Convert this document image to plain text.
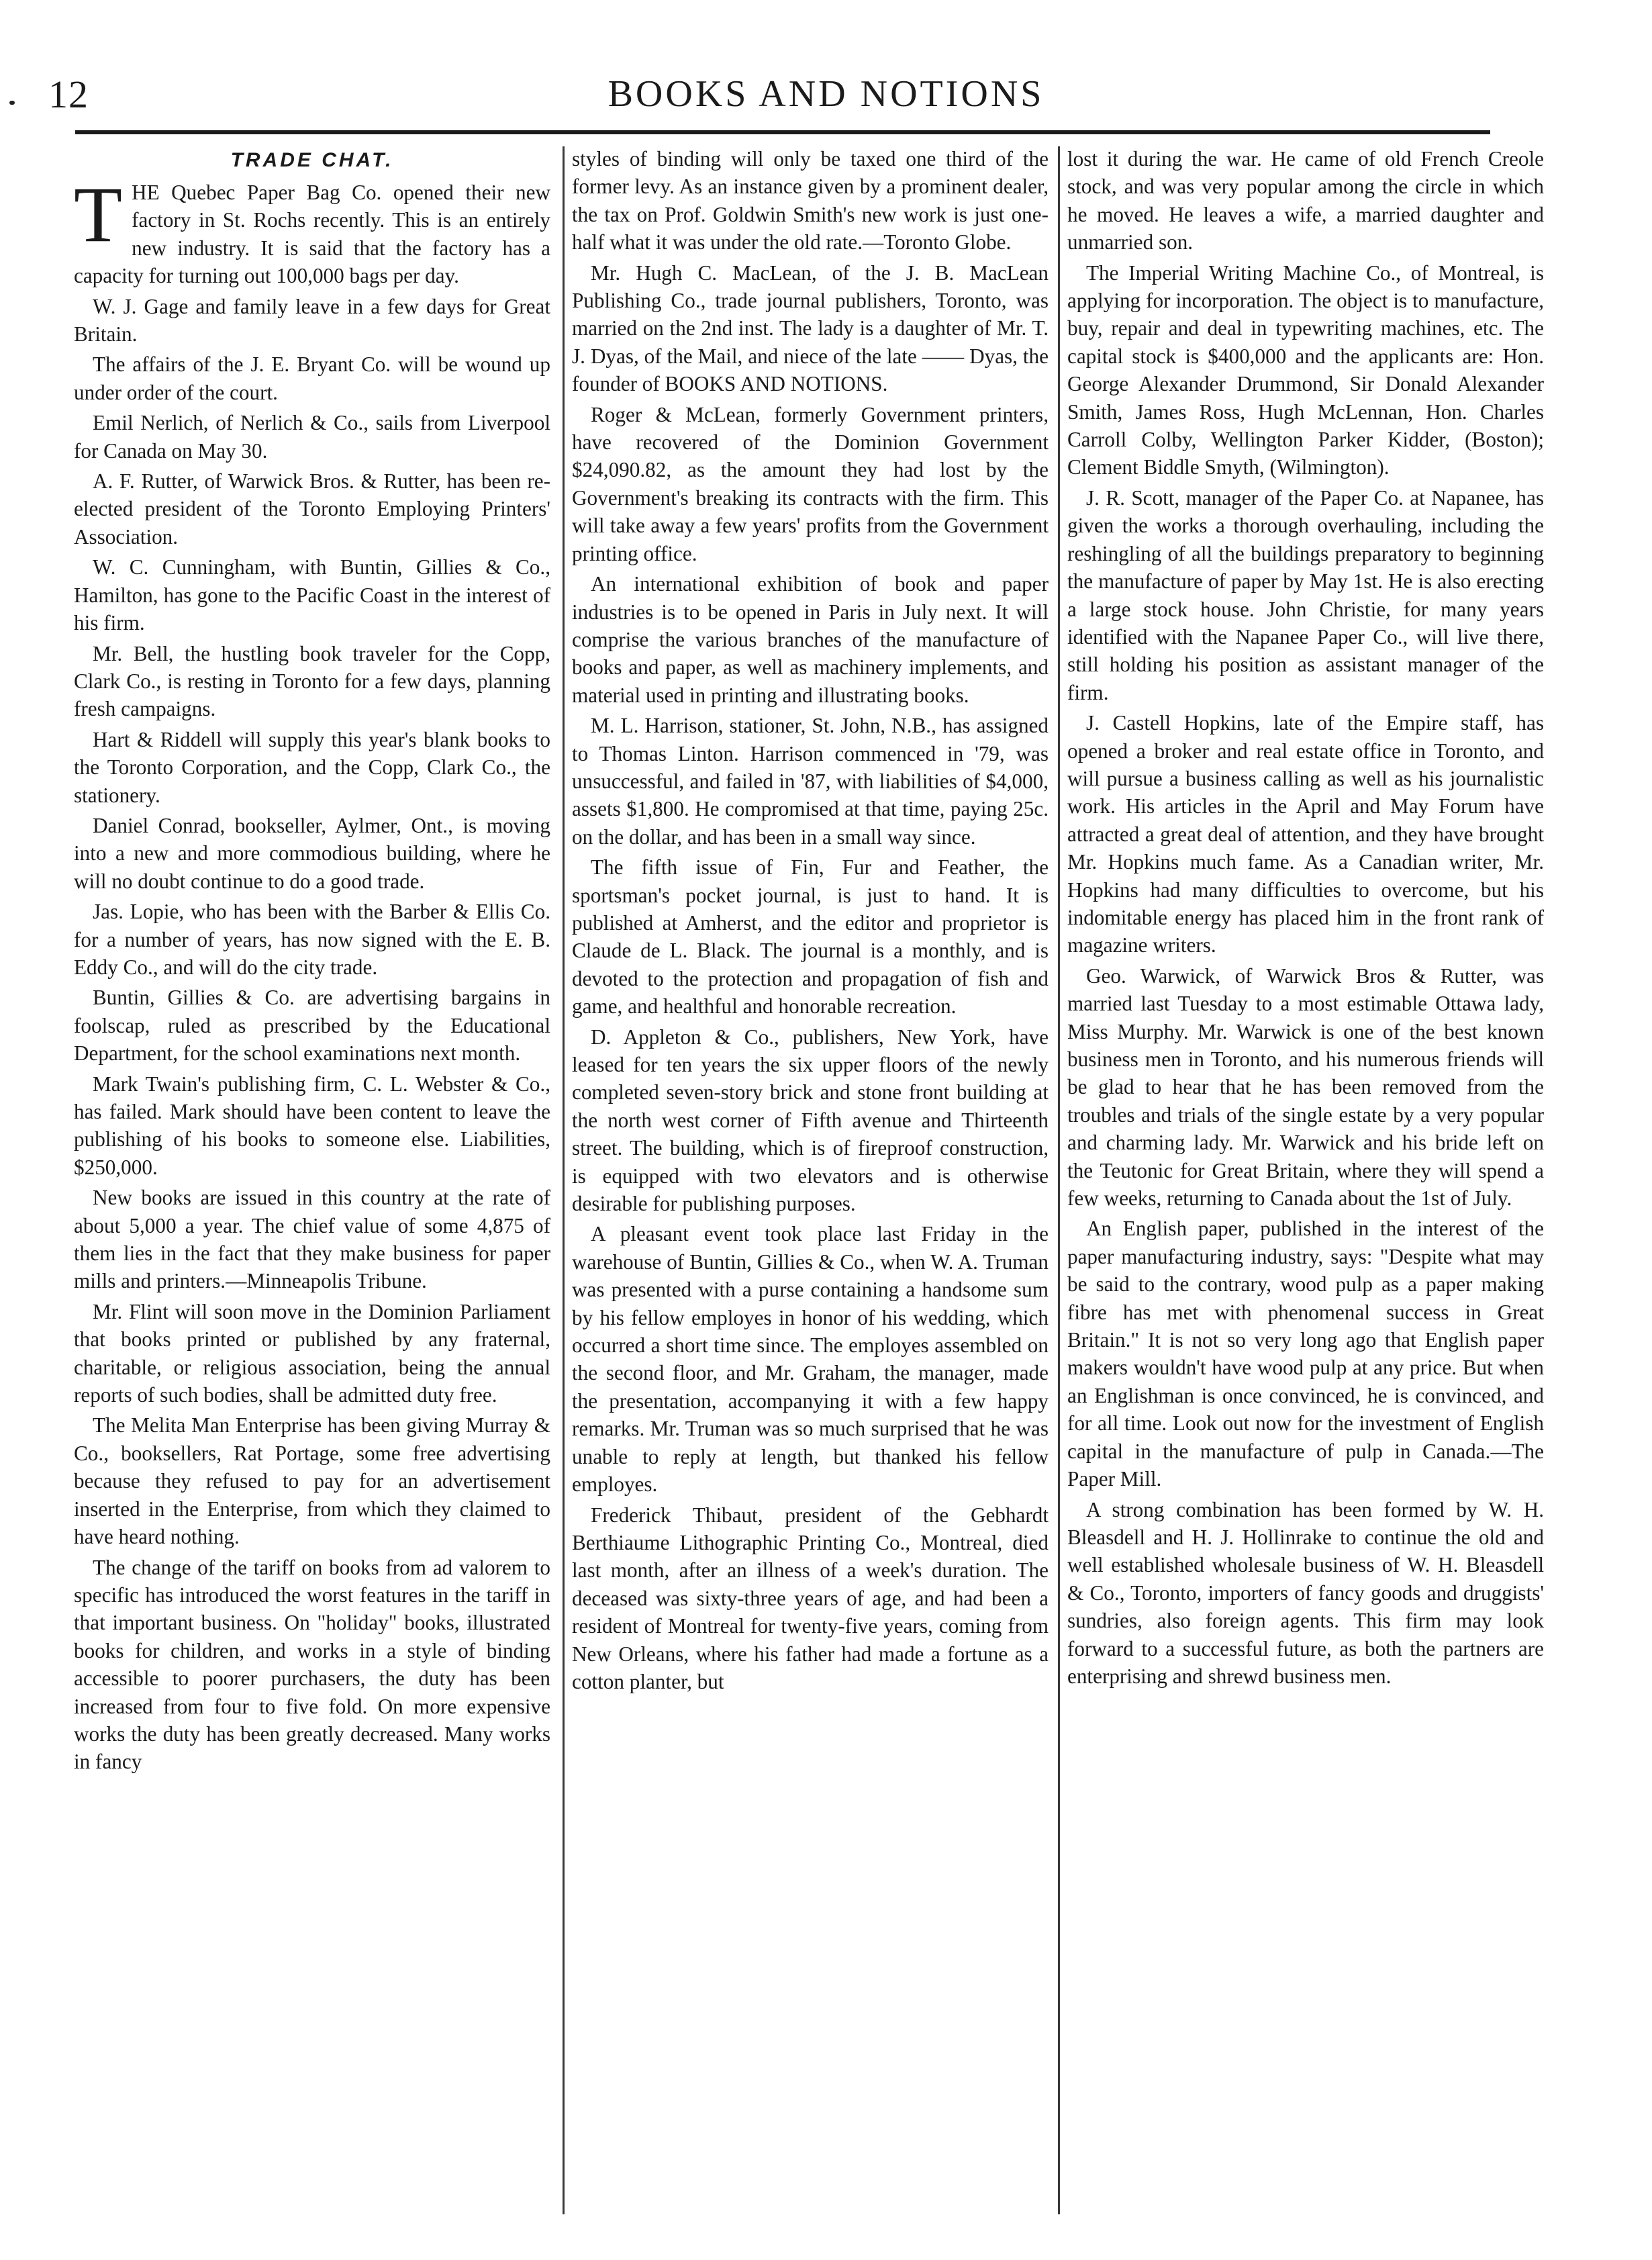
12	BOOKS AND NOTIONS
TRADE CHAT.

THE Quebec Paper Bag Co. opened their new factory in St. Rochs recently. This is an entirely new industry. It is said that the factory has a capacity for turning out 100,000 bags per day.

W. J. Gage and family leave in a few days for Great Britain.

The affairs of the J. E. Bryant Co. will be wound up under order of the court.

Emil Nerlich, of Nerlich & Co., sails from Liverpool for Canada on May 30.

A. F. Rutter, of Warwick Bros. & Rutter, has been re-elected president of the Toronto Employing Printers' Association.

W. C. Cunningham, with Buntin, Gillies & Co., Hamilton, has gone to the Pacific Coast in the interest of his firm.

Mr. Bell, the hustling book traveler for the Copp, Clark Co., is resting in Toronto for a few days, planning fresh campaigns.

Hart & Riddell will supply this year's blank books to the Toronto Corporation, and the Copp, Clark Co., the stationery.

Daniel Conrad, bookseller, Aylmer, Ont., is moving into a new and more commodious building, where he will no doubt continue to do a good trade.

Jas. Lopie, who has been with the Barber & Ellis Co. for a number of years, has now signed with the E. B. Eddy Co., and will do the city trade.

Buntin, Gillies & Co. are advertising bargains in foolscap, ruled as prescribed by the Educational Department, for the school examinations next month.

Mark Twain's publishing firm, C. L. Webster & Co., has failed. Mark should have been content to leave the publishing of his books to someone else. Liabilities, $250,000.

New books are issued in this country at the rate of about 5,000 a year. The chief value of some 4,875 of them lies in the fact that they make business for paper mills and printers.—Minneapolis Tribune.

Mr. Flint will soon move in the Dominion Parliament that books printed or published by any fraternal, charitable, or religious association, being the annual reports of such bodies, shall be admitted duty free.

The Melita Man Enterprise has been giving Murray & Co., booksellers, Rat Portage, some free advertising because they refused to pay for an advertisement inserted in the Enterprise, from which they claimed to have heard nothing.

The change of the tariff on books from ad valorem to specific has introduced the worst features in the tariff in that important business. On "holiday" books, illustrated books for children, and works in a style of binding accessible to poorer purchasers, the duty has been increased from four to five fold. On more expensive works the duty has been greatly decreased. Many works in fancy

styles of binding will only be taxed one third of the former levy. As an instance given by a prominent dealer, the tax on Prof. Goldwin Smith's new work is just one-half what it was under the old rate.—Toronto Globe.

Mr. Hugh C. MacLean, of the J. B. MacLean Publishing Co., trade journal publishers, Toronto, was married on the 2nd inst. The lady is a daughter of Mr. T. J. Dyas, of the Mail, and niece of the late —— Dyas, the founder of BOOKS AND NOTIONS.

Roger & McLean, formerly Government printers, have recovered of the Dominion Government $24,090.82, as the amount they had lost by the Government's breaking its contracts with the firm. This will take away a few years' profits from the Government printing office.

An international exhibition of book and paper industries is to be opened in Paris in July next. It will comprise the various branches of the manufacture of books and paper, as well as machinery implements, and material used in printing and illustrating books.

M. L. Harrison, stationer, St. John, N.B., has assigned to Thomas Linton. Harrison commenced in '79, was unsuccessful, and failed in '87, with liabilities of $4,000, assets $1,800. He compromised at that time, paying 25c. on the dollar, and has been in a small way since.

The fifth issue of Fin, Fur and Feather, the sportsman's pocket journal, is just to hand. It is published at Amherst, and the editor and proprietor is Claude de L. Black. The journal is a monthly, and is devoted to the protection and propagation of fish and game, and healthful and honorable recreation.

D. Appleton & Co., publishers, New York, have leased for ten years the six upper floors of the newly completed seven-story brick and stone front building at the north west corner of Fifth avenue and Thirteenth street. The building, which is of fireproof construction, is equipped with two elevators and is otherwise desirable for publishing purposes.

A pleasant event took place last Friday in the warehouse of Buntin, Gillies & Co., when W. A. Truman was presented with a purse containing a handsome sum by his fellow employes in honor of his wedding, which occurred a short time since. The employes assembled on the second floor, and Mr. Graham, the manager, made the presentation, accompanying it with a few happy remarks. Mr. Truman was so much surprised that he was unable to reply at length, but thanked his fellow employes.

Frederick Thibaut, president of the Gebhardt Berthiaume Lithographic Printing Co., Montreal, died last month, after an illness of a week's duration. The deceased was sixty-three years of age, and had been a resident of Montreal for twenty-five years, coming from New Orleans, where his father had made a fortune as a cotton planter, but

lost it during the war. He came of old French Creole stock, and was very popular among the circle in which he moved. He leaves a wife, a married daughter and unmarried son.

The Imperial Writing Machine Co., of Montreal, is applying for incorporation. The object is to manufacture, buy, repair and deal in typewriting machines, etc. The capital stock is $400,000 and the applicants are: Hon. George Alexander Drummond, Sir Donald Alexander Smith, James Ross, Hugh McLennan, Hon. Charles Carroll Colby, Wellington Parker Kidder, (Boston); Clement Biddle Smyth, (Wilmington).

J. R. Scott, manager of the Paper Co. at Napanee, has given the works a thorough overhauling, including the reshingling of all the buildings preparatory to beginning the manufacture of paper by May 1st. He is also erecting a large stock house. John Christie, for many years identified with the Napanee Paper Co., will live there, still holding his position as assistant manager of the firm.

J. Castell Hopkins, late of the Empire staff, has opened a broker and real estate office in Toronto, and will pursue a business calling as well as his journalistic work. His articles in the April and May Forum have attracted a great deal of attention, and they have brought Mr. Hopkins much fame. As a Canadian writer, Mr. Hopkins had many difficulties to overcome, but his indomitable energy has placed him in the front rank of magazine writers.

Geo. Warwick, of Warwick Bros & Rutter, was married last Tuesday to a most estimable Ottawa lady, Miss Murphy. Mr. Warwick is one of the best known business men in Toronto, and his numerous friends will be glad to hear that he has been removed from the troubles and trials of the single estate by a very popular and charming lady. Mr. Warwick and his bride left on the Teutonic for Great Britain, where they will spend a few weeks, returning to Canada about the 1st of July.

An English paper, published in the interest of the paper manufacturing industry, says: "Despite what may be said to the contrary, wood pulp as a paper making fibre has met with phenomenal success in Great Britain." It is not so very long ago that English paper makers wouldn't have wood pulp at any price. But when an Englishman is once convinced, he is convinced, and for all time. Look out now for the investment of English capital in the manufacture of pulp in Canada.—The Paper Mill.

A strong combination has been formed by W. H. Bleasdell and H. J. Hollinrake to continue the old and well established wholesale business of W. H. Bleasdell & Co., Toronto, importers of fancy goods and druggists' sundries, also foreign agents. This firm may look forward to a successful future, as both the partners are enterprising and shrewd business men.
